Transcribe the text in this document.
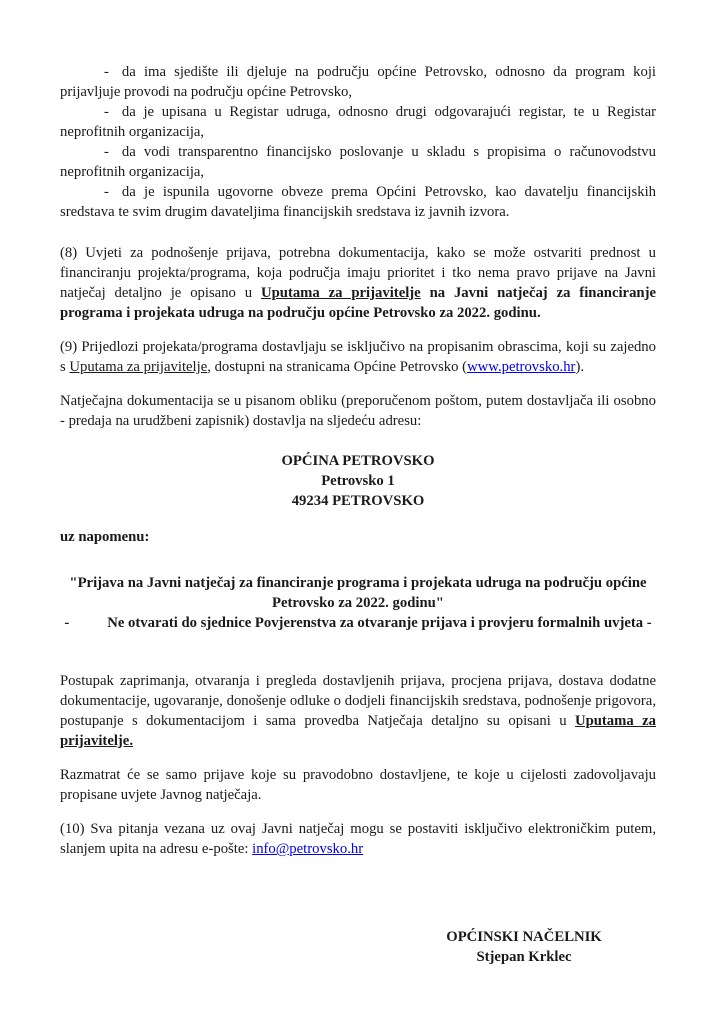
- da ima sjedište ili djeluje na području općine Petrovsko, odnosno da program koji prijavljuje provodi na području općine Petrovsko,

- da je upisana u Registar udruga, odnosno drugi odgovarajući registar, te u Registar neprofitnih organizacija,

- da vodi transparentno financijsko poslovanje u skladu s propisima o računovodstvu neprofitnih organizacija,

- da je ispunila ugovorne obveze prema Općini Petrovsko, kao davatelju financijskih sredstava te svim drugim davateljima financijskih sredstava iz javnih izvora.

(8) Uvjeti za podnošenje prijava, potrebna dokumentacija, kako se može ostvariti prednost u financiranju projekta/programa, koja područja imaju prioritet i tko nema pravo prijave na Javni natječaj detaljno je opisano u Uputama za prijavitelje na Javni natječaj za financiranje programa i projekata udruga na području općine Petrovsko za 2022. godinu.

(9) Prijedlozi projekata/programa dostavljaju se isključivo na propisanim obrascima, koji su zajedno s Uputama za prijavitelje, dostupni na stranicama Općine Petrovsko (www.petrovsko.hr).

Natječajna dokumentacija se u pisanom obliku (preporučenom poštom, putem dostavljača ili osobno - predaja na urudžbeni zapisnik) dostavlja na sljedeću adresu:

OPĆINA PETROVSKO

Petrovsko 1

49234 PETROVSKO

uz napomenu:

"Prijava na Javni natječaj za financiranje programa i projekata udruga na području općine Petrovsko za 2022. godinu"

-	Ne otvarati do sjednice Povjerenstva za otvaranje prijava i provjeru formalnih uvjeta -

Postupak zaprimanja, otvaranja i pregleda dostavljenih prijava, procjena prijava, dostava dodatne dokumentacije, ugovaranje, donošenje odluke o dodjeli financijskih sredstava, podnošenje prigovora, postupanje s dokumentacijom i sama provedba Natječaja detaljno su opisani u Uputama za prijavitelje.

Razmatrat će se samo prijave koje su pravodobno dostavljene, te koje u cijelosti zadovoljavaju propisane uvjete Javnog natječaja.

(10) Sva pitanja vezana uz ovaj Javni natječaj mogu se postaviti isključivo elektroničkim putem, slanjem upita na adresu e-pošte: info@petrovsko.hr

OPĆINSKI NAČELNIK

Stjepan Krklec
